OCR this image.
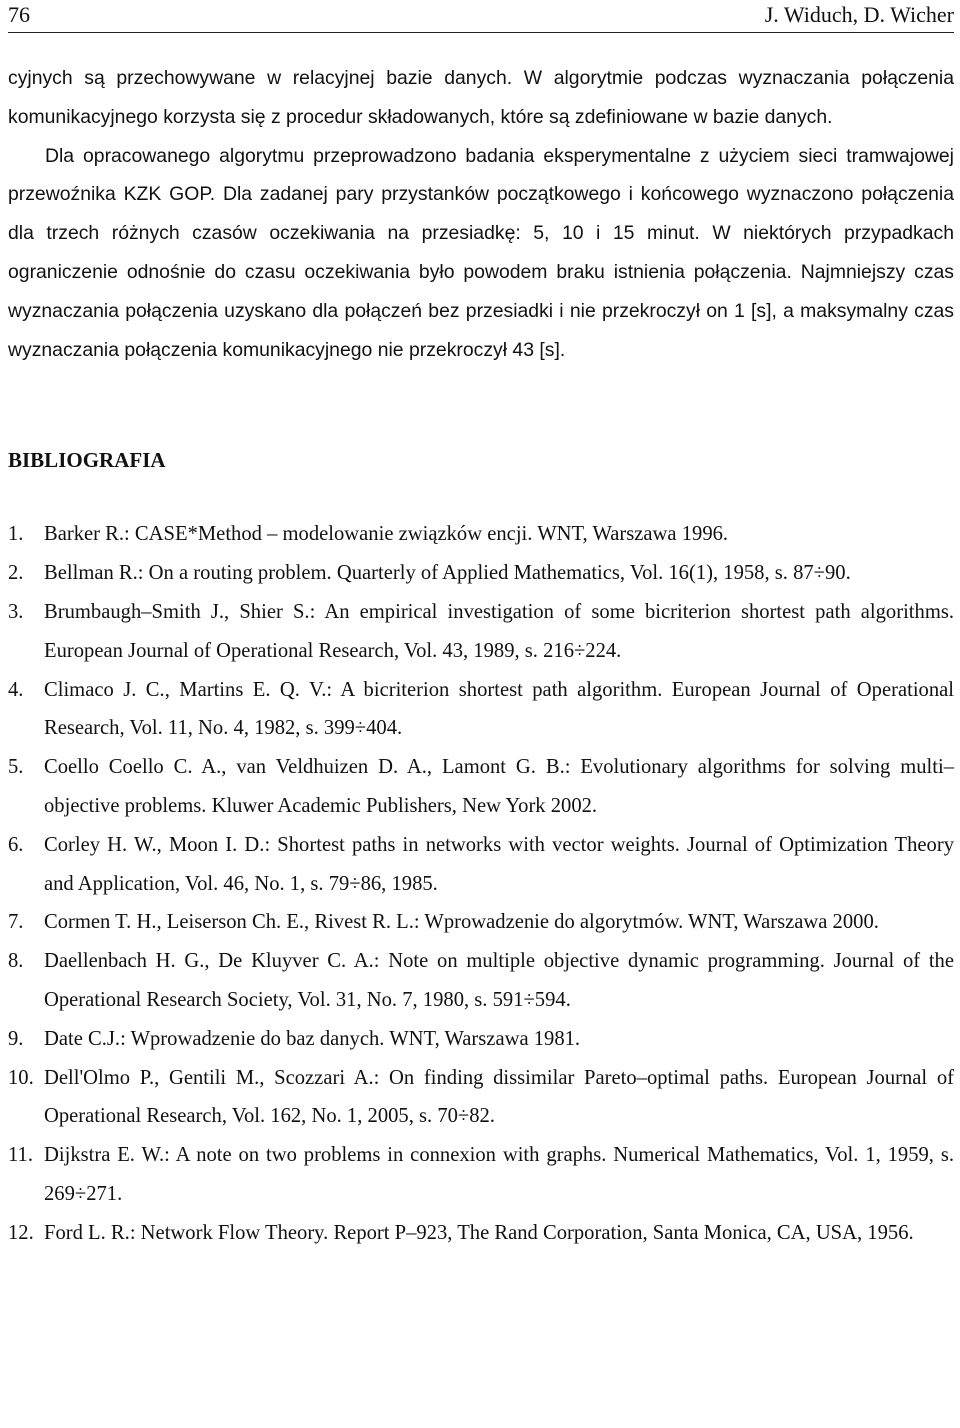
76	J. Widuch, D. Wicher

cyjnych są przechowywane w relacyjnej bazie danych. W algorytmie podczas wyznaczania połączenia komunikacyjnego korzysta się z procedur składowanych, które są zdefiniowane w bazie danych.

Dla opracowanego algorytmu przeprowadzono badania eksperymentalne z użyciem sieci tramwajowej przewoźnika KZK GOP. Dla zadanej pary przystanków początkowego i końcowego wyznaczono połączenia dla trzech różnych czasów oczekiwania na przesiadkę: 5, 10 i 15 minut. W niektórych przypadkach ograniczenie odnośnie do czasu oczekiwania było powodem braku istnienia połączenia. Najmniejszy czas wyznaczania połączenia uzyskano dla połączeń bez przesiadki i nie przekroczył on 1 [s], a maksymalny czas wyznaczania połączenia komunikacyjnego nie przekroczył 43 [s].

BIBLIOGRAFIA
1. Barker R.: CASE*Method – modelowanie związków encji. WNT, Warszawa 1996.
2. Bellman R.: On a routing problem. Quarterly of Applied Mathematics, Vol. 16(1), 1958, s. 87÷90.
3. Brumbaugh–Smith J., Shier S.: An empirical investigation of some bicriterion shortest path algorithms. European Journal of Operational Research, Vol. 43, 1989, s. 216÷224.
4. Climaco J. C., Martins E. Q. V.: A bicriterion shortest path algorithm. European Journal of Operational Research, Vol. 11, No. 4, 1982, s. 399÷404.
5. Coello Coello C. A., van Veldhuizen D. A., Lamont G. B.: Evolutionary algorithms for solving multi–objective problems. Kluwer Academic Publishers, New York 2002.
6. Corley H. W., Moon I. D.: Shortest paths in networks with vector weights. Journal of Optimization Theory and Application, Vol. 46, No. 1, s. 79÷86, 1985.
7. Cormen T. H., Leiserson Ch. E., Rivest R. L.: Wprowadzenie do algorytmów. WNT, Warszawa 2000.
8. Daellenbach H. G., De Kluyver C. A.: Note on multiple objective dynamic programming. Journal of the Operational Research Society, Vol. 31, No. 7, 1980, s. 591÷594.
9. Date C.J.: Wprowadzenie do baz danych. WNT, Warszawa 1981.
10. Dell'Olmo P., Gentili M., Scozzari A.: On finding dissimilar Pareto–optimal paths. European Journal of Operational Research, Vol. 162, No. 1, 2005, s. 70÷82.
11. Dijkstra E. W.: A note on two problems in connexion with graphs. Numerical Mathematics, Vol. 1, 1959, s. 269÷271.
12. Ford L. R.: Network Flow Theory. Report P–923, The Rand Corporation, Santa Monica, CA, USA, 1956.
